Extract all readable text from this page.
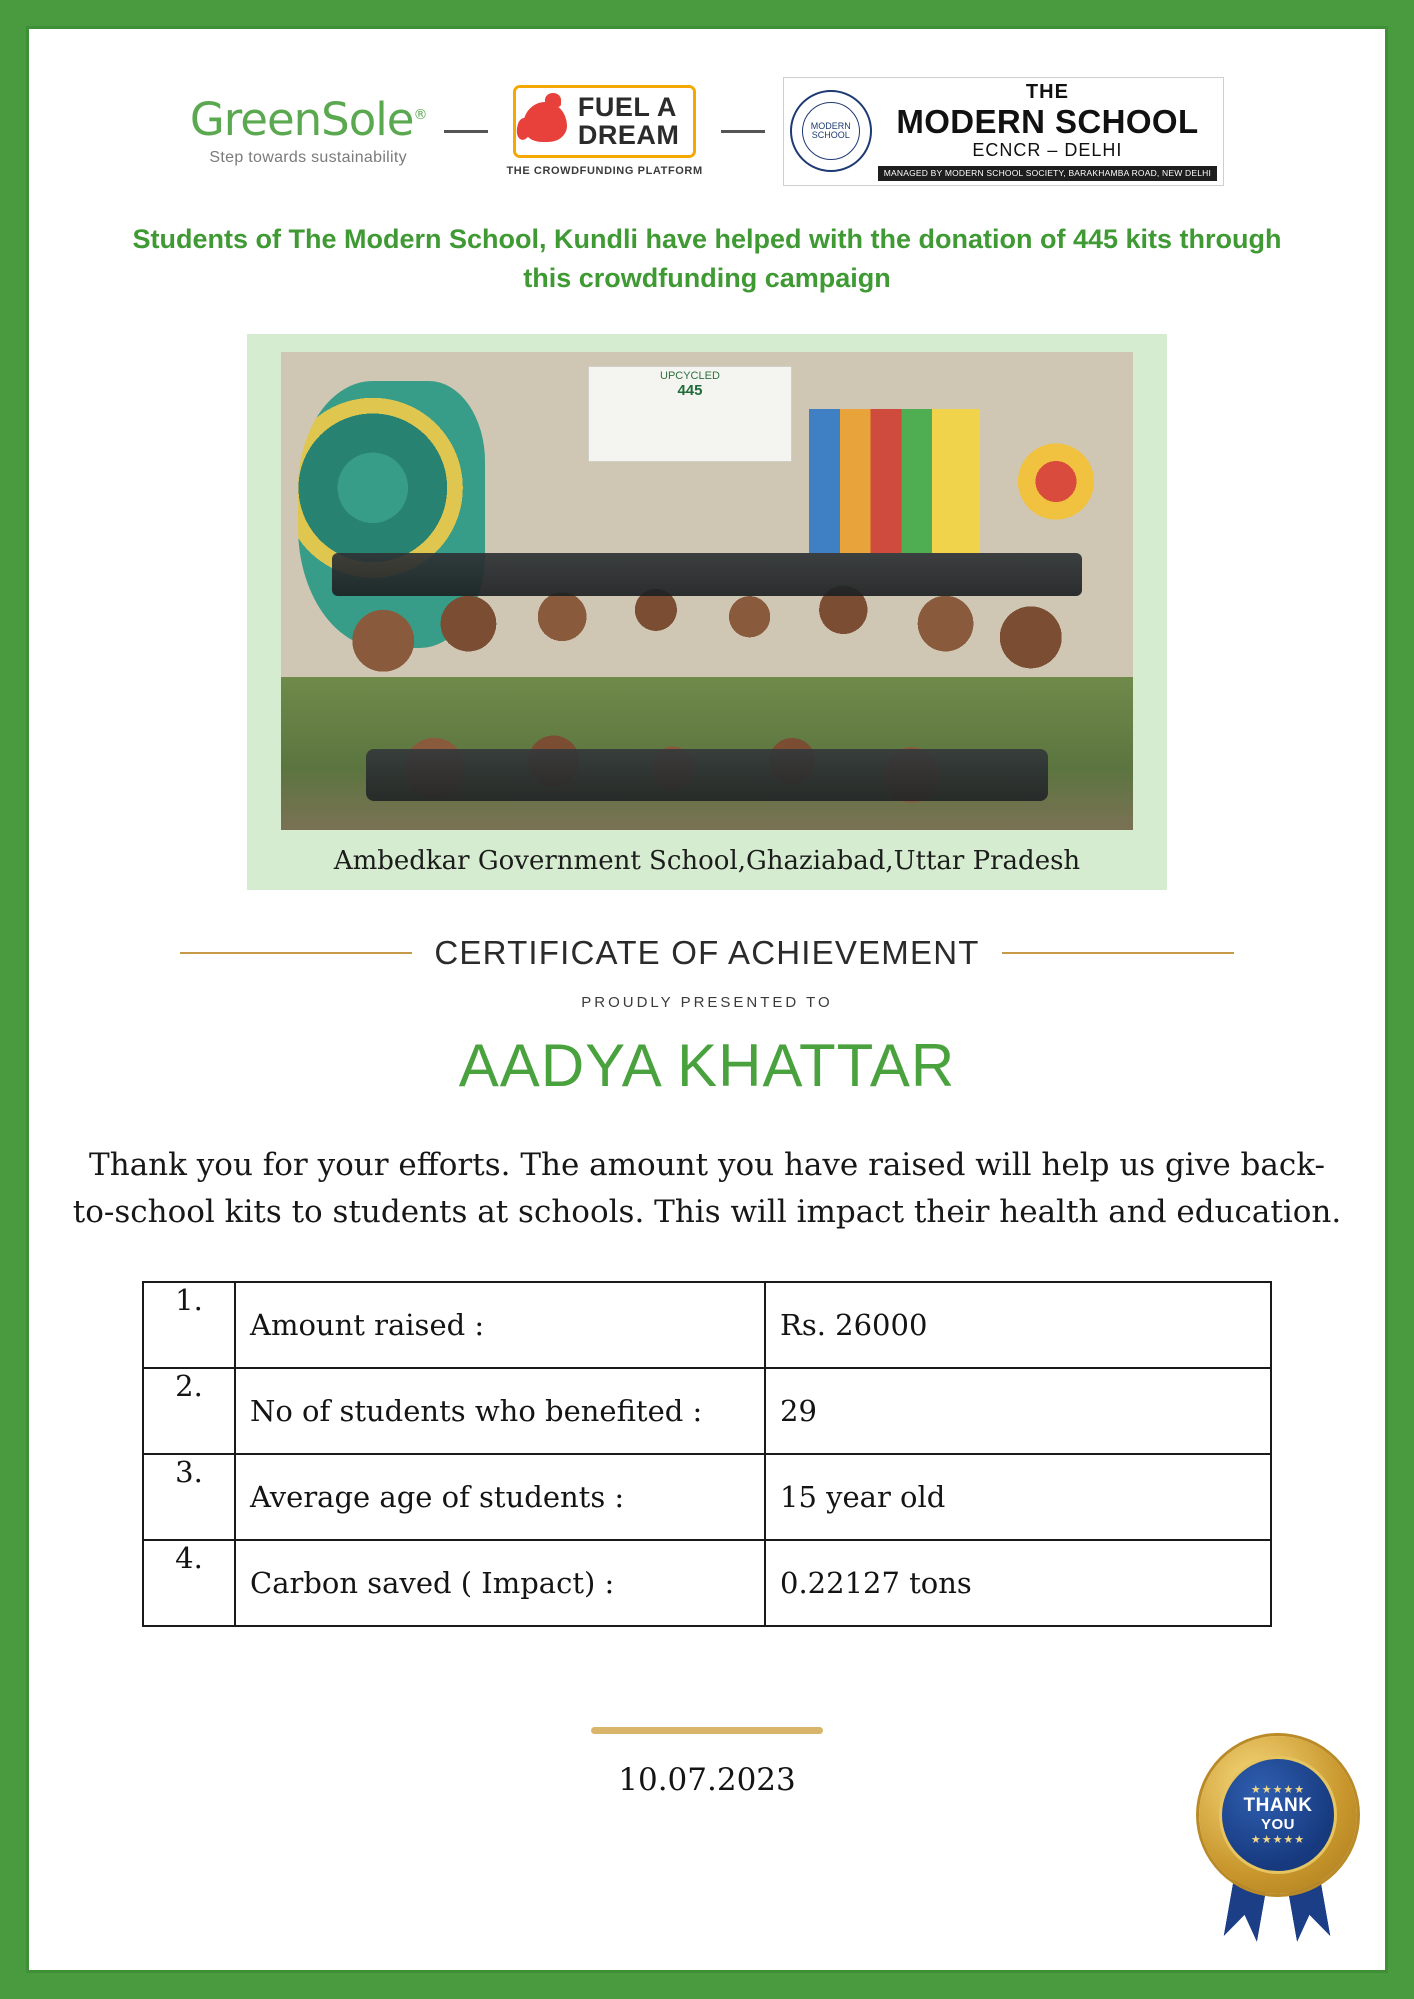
GreenSole®
Step towards sustainability
FUEL A
DREAM
THE CROWDFUNDING PLATFORM
MODERN SCHOOL
THE
MODERN SCHOOL
ECNCR – DELHI
MANAGED BY MODERN SCHOOL SOCIETY, BARAKHAMBA ROAD, NEW DELHI
Students of The Modern School, Kundli have helped with the donation of 445 kits through this crowdfunding campaign
UPCYCLED
445
Ambedkar Government School,Ghaziabad,Uttar Pradesh
CERTIFICATE OF ACHIEVEMENT
PROUDLY PRESENTED TO
AADYA KHATTAR
Thank you for your efforts. The amount you have raised will help us give back-to-school kits to students at schools. This will impact their health and education.
1.	Amount raised :	Rs. 26000
2.	No of students who benefited :	29
3.	Average age of students :	15 year old
4.	Carbon saved ( Impact) :	0.22127 tons
10.07.2023	★★★★★
THANK
YOU
★★★★★
